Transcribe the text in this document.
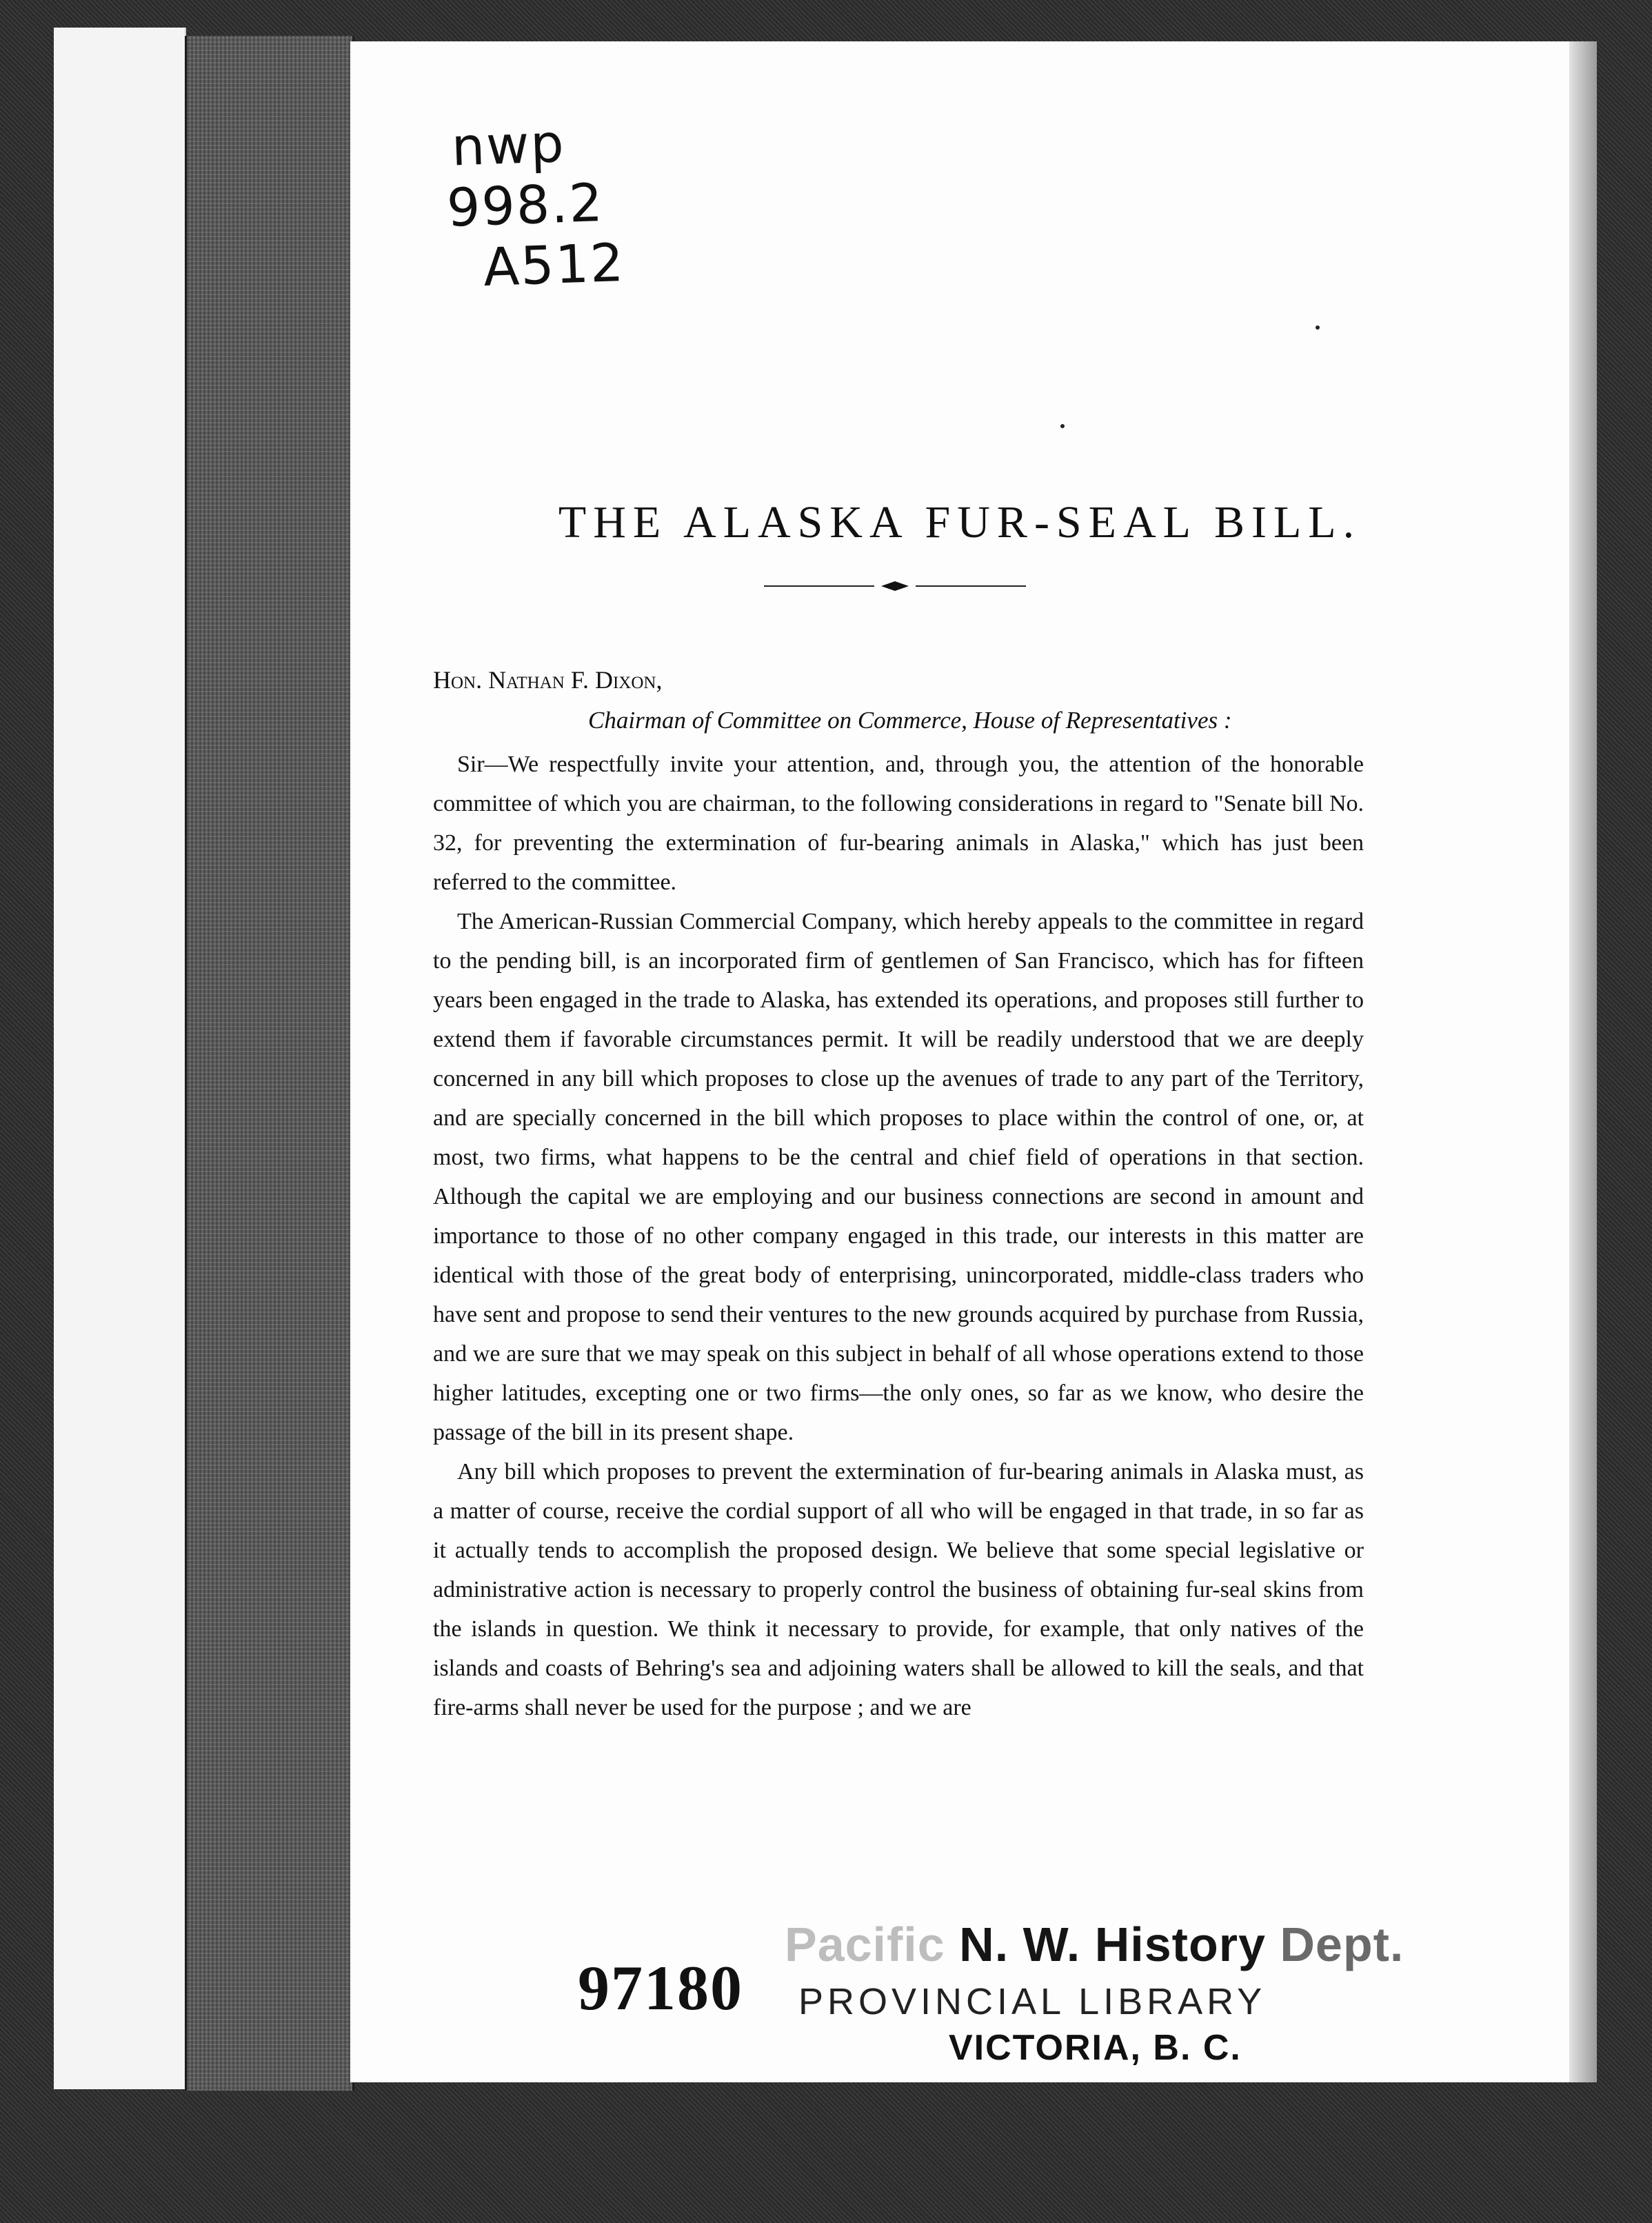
nwp
998.2
A512
THE ALASKA FUR-SEAL BILL.
Hon. Nathan F. Dixon,
Chairman of Committee on Commerce, House of Representatives :

Sir—We respectfully invite your attention, and, through you, the attention of the honorable committee of which you are chairman, to the following considerations in regard to "Senate bill No. 32, for preventing the extermination of fur-bearing animals in Alaska," which has just been referred to the committee.

The American-Russian Commercial Company, which hereby appeals to the committee in regard to the pending bill, is an incorporated firm of gentlemen of San Francisco, which has for fifteen years been engaged in the trade to Alaska, has extended its operations, and proposes still further to extend them if favorable circumstances permit. It will be readily understood that we are deeply concerned in any bill which proposes to close up the avenues of trade to any part of the Territory, and are specially concerned in the bill which proposes to place within the control of one, or, at most, two firms, what happens to be the central and chief field of operations in that section. Although the capital we are employing and our business connections are second in amount and importance to those of no other company engaged in this trade, our interests in this matter are identical with those of the great body of enterprising, unincorporated, middle-class traders who have sent and propose to send their ventures to the new grounds acquired by purchase from Russia, and we are sure that we may speak on this subject in behalf of all whose operations extend to those higher latitudes, excepting one or two firms—the only ones, so far as we know, who desire the passage of the bill in its present shape.

Any bill which proposes to prevent the extermination of fur-bearing animals in Alaska must, as a matter of course, receive the cordial support of all who will be engaged in that trade, in so far as it actually tends to accomplish the proposed design. We believe that some special legislative or administrative action is necessary to properly control the business of obtaining fur-seal skins from the islands in question. We think it necessary to provide, for example, that only natives of the islands and coasts of Behring's sea and adjoining waters shall be allowed to kill the seals, and that fire-arms shall never be used for the purpose ; and we are

97180
Pacific N. W. History Dept.
PROVINCIAL LIBRARY
VICTORIA, B. C.
